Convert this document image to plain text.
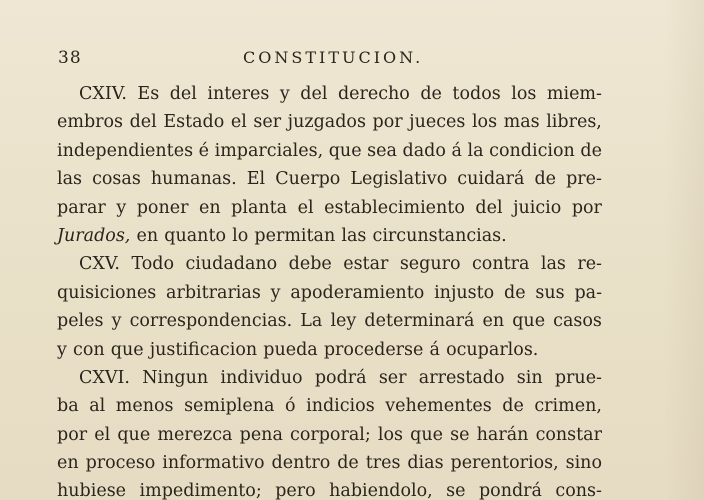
38	CONSTITUCION.
CXIV. Es del interes y del derecho de todos los miem-
embros del Estado el ser juzgados por jueces los mas libres,
independientes é imparciales, que sea dado á la condicion de
las cosas humanas. El Cuerpo Legislativo cuidará de pre-
parar y poner en planta el establecimiento del juicio por
Jurados, en quanto lo permitan las circunstancias.
CXV. Todo ciudadano debe estar seguro contra las re-
quisiciones arbitrarias y apoderamiento injusto de sus pa-
peles y correspondencias. La ley determinará en que casos
y con que justificacion pueda procederse á ocuparlos.
CXVI. Ningun individuo podrá ser arrestado sin prue-
ba al menos semiplena ó indicios vehementes de crimen,
por el que merezca pena corporal; los que se harán constar
en proceso informativo dentro de tres dias perentorios, sino
hubiese impedimento; pero habiendolo, se pondrá cons-
